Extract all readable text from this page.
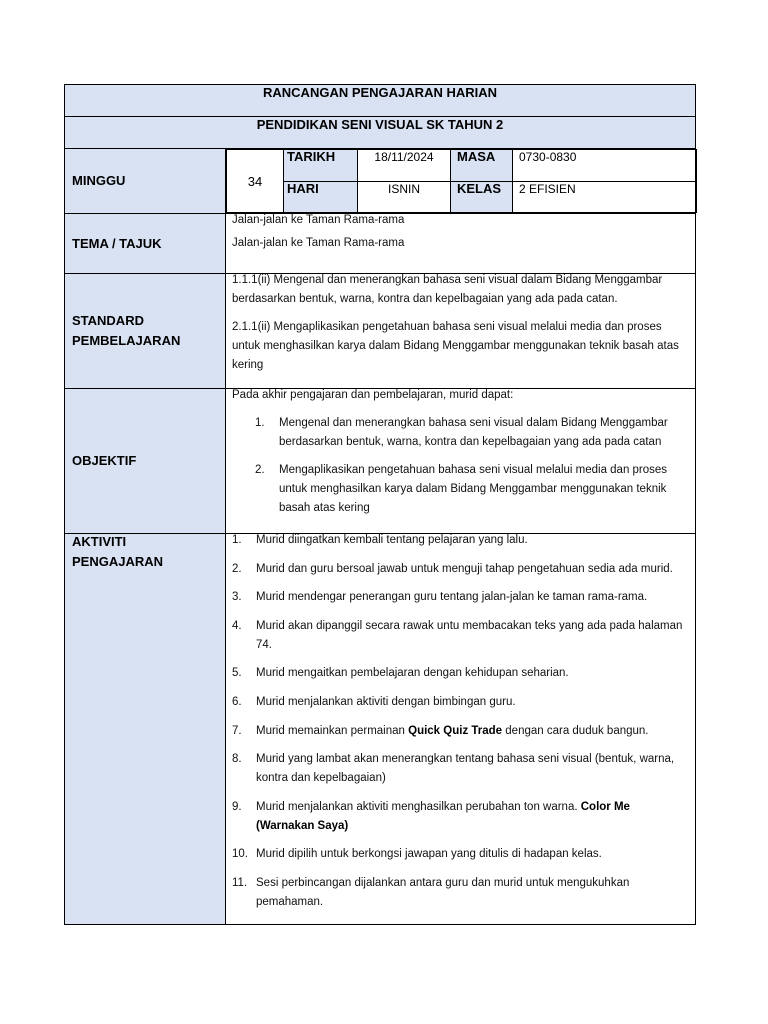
RANCANGAN PENGAJARAN HARIAN

PENDIDIKAN SENI VISUAL SK TAHUN 2

MINGGU		34	TARIKH	18/11/2024	MASA	0730-0830
HARI	ISNIN	KELAS	2 EFISIEN

TEMA / TAJUK	
Jalan-jalan ke Taman Rama-rama
Jalan-jalan ke Taman Rama-rama

STANDARD
PEMBELAJARAN

1.1.1(ii) Mengenal dan menerangkan bahasa seni visual dalam Bidang Menggambar berdasarkan bentuk, warna, kontra dan kepelbagaian yang ada pada catan.
2.1.1(ii) Mengaplikasikan pengetahuan bahasa seni visual melalui media dan proses untuk menghasilkan karya dalam Bidang Menggambar menggunakan teknik basah atas kering

OBJEKTIF	
Pada akhir pengajaran dan pembelajaran, murid dapat:
1.	Mengenal dan menerangkan bahasa seni visual dalam Bidang Menggambar berdasarkan bentuk, warna, kontra dan kepelbagaian yang ada pada catan
2.	Mengaplikasikan pengetahuan bahasa seni visual melalui media dan proses untuk menghasilkan karya dalam Bidang Menggambar menggunakan teknik basah atas kering

AKTIVITI
PENGAJARAN

1.	Murid diingatkan kembali tentang pelajaran yang lalu.
2.	Murid dan guru bersoal jawab untuk menguji tahap pengetahuan sedia ada murid.
3.	Murid mendengar penerangan guru tentang jalan-jalan ke taman rama-rama.
4.	Murid akan dipanggil secara rawak untu membacakan teks yang ada pada halaman 74.
5.	Murid mengaitkan pembelajaran dengan kehidupan seharian.
6.	Murid menjalankan aktiviti dengan bimbingan guru.
7.	Murid memainkan permainan Quick Quiz Trade dengan cara duduk bangun.
8.	Murid yang lambat akan menerangkan tentang bahasa seni visual (bentuk, warna, kontra dan kepelbagaian)
9.	Murid menjalankan aktiviti menghasilkan perubahan ton warna. Color Me (Warnakan Saya)
10. Murid dipilih untuk berkongsi jawapan yang ditulis di hadapan kelas.
11. Sesi perbincangan dijalankan antara guru dan murid untuk mengukuhkan pemahaman.
